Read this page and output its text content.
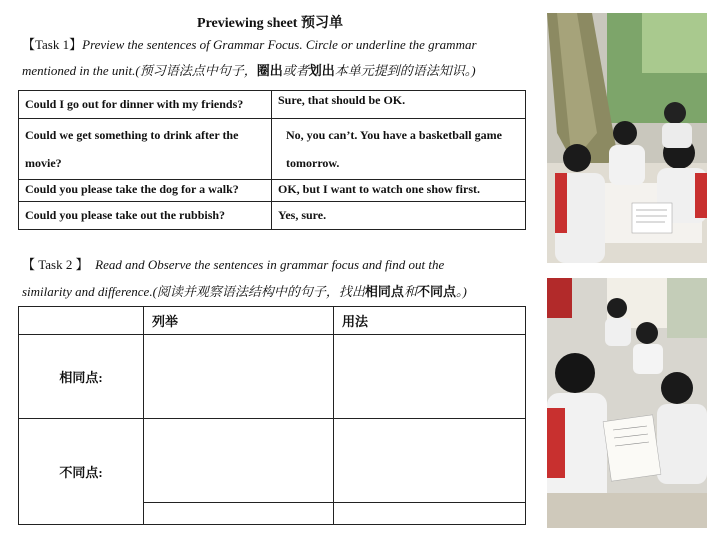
Previewing sheet 预习单
【Task 1】Preview the sentences of Grammar Focus. Circle or underline the grammar
mentioned in the unit.(预习语法点中句子，圈出或者划出本单元提到的语法知识。)
Could I go out for dinner with my friends?	Sure, that should be OK.
Could we get something to drink after the movie?	No, you can’t. You have a basketball game tomorrow.
Could you please take the dog for a walk?	OK, but I want to watch one show first.
Could you please take out the rubbish?	Yes, sure.
【 Task 2 】 Read and Observe the sentences in grammar focus and find out the
similarity and difference.(阅读并观察语法结构中的句子，找出相同点和不同点。)
	列举	用法
相同点:		
不同点:		
